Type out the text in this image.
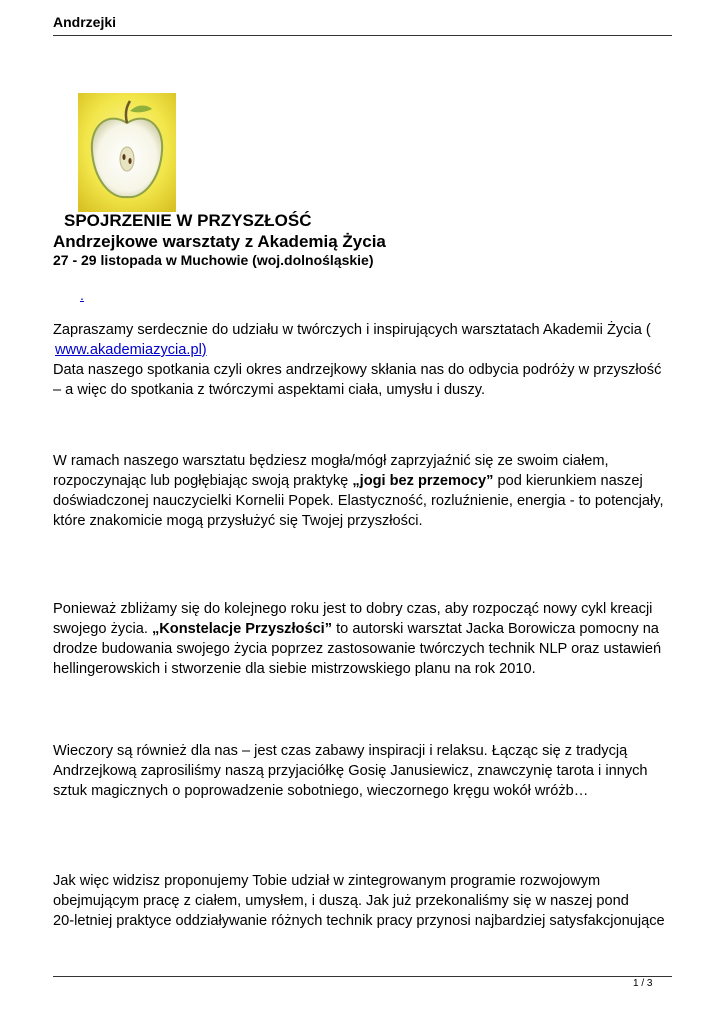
Andrzejki
SPOJRZENIE W PRZYSZŁOŚĆ
Andrzejkowe warsztaty z Akademią Życia
27 - 29 listopada w Muchowie (woj.dolnośląskie)
.
Zapraszamy serdecznie do udziału w twórczych i inspirujących warsztatach Akademii Życia (
www.akademiazycia.pl)
Data naszego spotkania czyli okres andrzejkowy skłania nas do odbycia podróży w przyszłość
– a więc do spotkania z twórczymi aspektami ciała, umysłu i duszy.
W ramach naszego warsztatu będziesz mogła/mógł zaprzyjaźnić się ze swoim ciałem,
rozpoczynając lub pogłębiając swoją praktykę „jogi bez przemocy” pod kierunkiem naszej
doświadczonej nauczycielki Kornelii Popek. Elastyczność, rozluźnienie, energia - to potencjały,
które znakomicie mogą przysłużyć się Twojej przyszłości.
Ponieważ zbliżamy się do kolejnego roku jest to dobry czas, aby rozpocząć nowy cykl kreacji
swojego życia. „Konstelacje Przyszłości” to autorski warsztat Jacka Borowicza pomocny na
drodze budowania swojego życia poprzez zastosowanie twórczych technik NLP oraz ustawień
hellingerowskich i stworzenie dla siebie mistrzowskiego planu na rok 2010.
Wieczory są również dla nas – jest czas zabawy inspiracji i relaksu. Łącząc się z tradycją
Andrzejkową zaprosiliśmy naszą przyjaciółkę Gosię Janusiewicz, znawczynię tarota i innych
sztuk magicznych o poprowadzenie sobotniego, wieczornego kręgu wokół wróżb…
Jak więc widzisz proponujemy Tobie udział w zintegrowanym programie rozwojowym
obejmującym pracę z ciałem, umysłem, i duszą. Jak już przekonaliśmy się w naszej pond
20-letniej praktyce oddziaływanie różnych technik pracy przynosi najbardziej satysfakcjonujące
1 / 3
